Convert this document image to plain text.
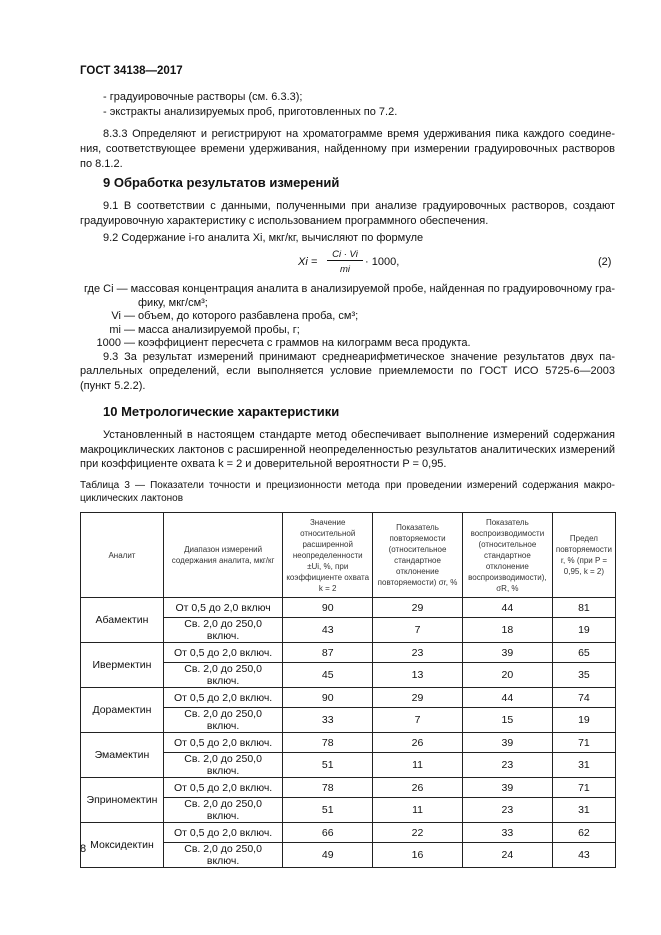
ГОСТ 34138—2017
- градуировочные растворы (см. 6.3.3);
- экстракты анализируемых проб, приготовленных по 7.2.
8.3.3 Определяют и регистрируют на хроматограмме время удерживания пика каждого соедине-
ния, соответствующее времени удерживания, найденному при измерении градуировочных растворов
по 8.1.2.
9 Обработка результатов измерений
9.1 В соответствии с данными, полученными при анализе градуировочных растворов, создают
градуировочную характеристику с использованием программного обеспечения.
9.2 Содержание i-го аналита Xi, мкг/кг, вычисляют по формуле
Xi =
Ci · Vi
mi
· 1000,	(2)
где Ci — массовая концентрация аналита в анализируемой пробе, найденная по градуировочному гра-
фику, мкг/см³;
Vi — объем, до которого разбавлена проба, см³;
mi — масса анализируемой пробы, г;
1000 — коэффициент пересчета с граммов на килограмм веса продукта.
9.3 За результат измерений принимают среднеарифметическое значение результатов двух па-
раллельных определений, если выполняется условие приемлемости по ГОСТ ИСО 5725-6—2003
(пункт 5.2.2).
10 Метрологические характеристики
Установленный в настоящем стандарте метод обеспечивает выполнение измерений содержания
макроциклических лактонов с расширенной неопределенностью результатов аналитических измерений
при коэффициенте охвата k = 2 и доверительной вероятности P = 0,95.
Таблица 3 — Показатели точности и прецизионности метода при проведении измерений содержания макро-
циклических лактонов
Аналит	Диапазон измерений содержания аналита, мкг/кг	Значение относительной расширенной неопределенности ±Ui, %, при коэффициенте охвата k = 2	Показатель повторяемости (относительное стандартное отклонение повторяемости) σr, %	Показатель воспроизводимости (относительное стандартное отклонение воспроизводимости), σR, %	Предел повторяемости r, % (при P = 0,95, k = 2)
Абамектин	От 0,5 до 2,0 включ	90	29	44	81
	Св. 2,0 до 250,0 включ.	43	7	18	19
Ивермектин	От 0,5 до 2,0 включ.	87	23	39	65
	Св. 2,0 до 250,0 включ.	45	13	20	35
Дорамектин	От 0,5 до 2,0 включ.	90	29	44	74
	Св. 2,0 до 250,0 включ.	33	7	15	19
Эмамектин	От 0,5 до 2,0 включ.	78	26	39	71
	Св. 2,0 до 250,0 включ.	51	11	23	31
Эприномектин	От 0,5 до 2,0 включ.	78	26	39	71
	Св. 2,0 до 250,0 включ.	51	11	23	31
Моксидектин	От 0,5 до 2,0 включ.	66	22	33	62
	Св. 2,0 до 250,0 включ.	49	16	24	43
8
